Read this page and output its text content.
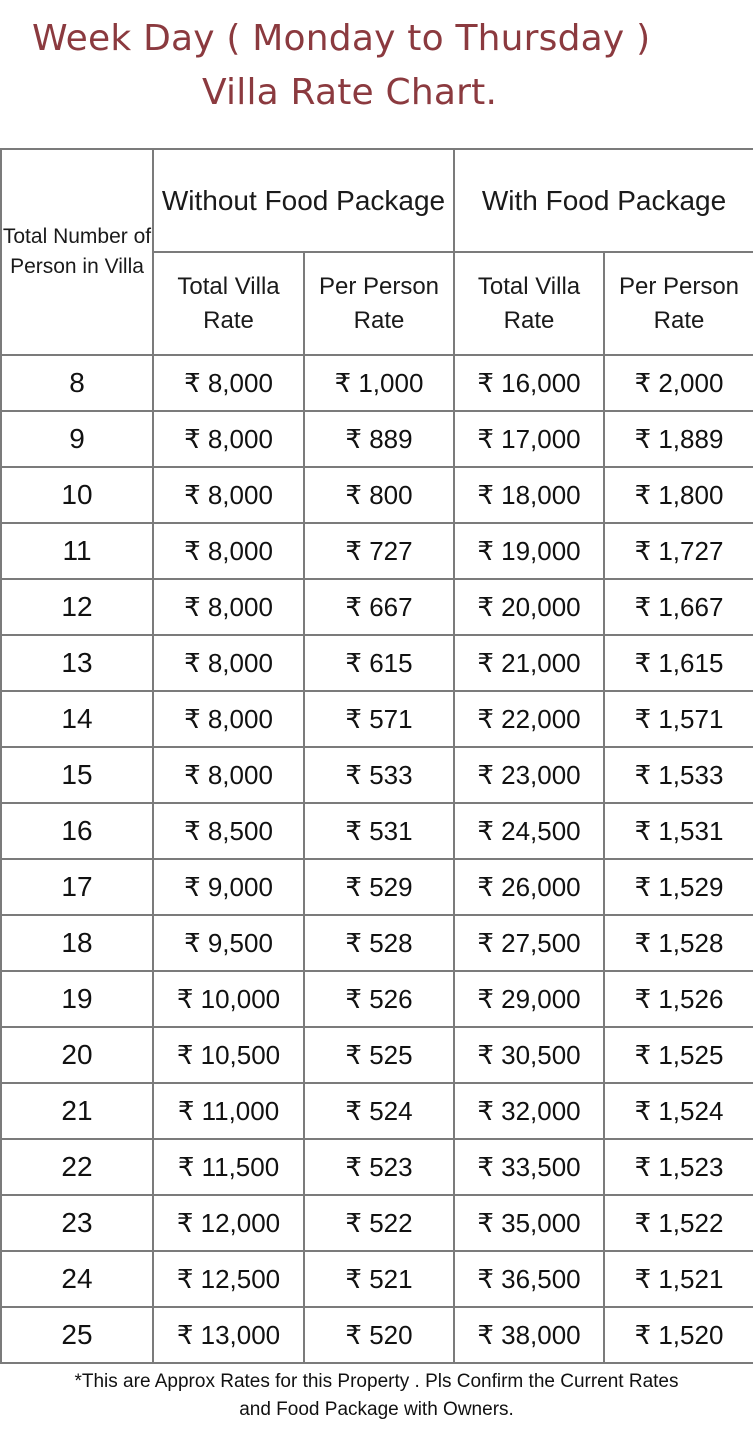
Week Day ( Monday to Thursday )
Villa Rate Chart.
Total Number of Person in Villa	Without Food Package		With Food Package	
	Total Villa Rate	Per Person Rate	Total Villa Rate	Per Person Rate
8	₹ 8,000	₹ 1,000	₹ 16,000	₹ 2,000
9	₹ 8,000	₹ 889	₹ 17,000	₹ 1,889
10	₹ 8,000	₹ 800	₹ 18,000	₹ 1,800
11	₹ 8,000	₹ 727	₹ 19,000	₹ 1,727
12	₹ 8,000	₹ 667	₹ 20,000	₹ 1,667
13	₹ 8,000	₹ 615	₹ 21,000	₹ 1,615
14	₹ 8,000	₹ 571	₹ 22,000	₹ 1,571
15	₹ 8,000	₹ 533	₹ 23,000	₹ 1,533
16	₹ 8,500	₹ 531	₹ 24,500	₹ 1,531
17	₹ 9,000	₹ 529	₹ 26,000	₹ 1,529
18	₹ 9,500	₹ 528	₹ 27,500	₹ 1,528
19	₹ 10,000	₹ 526	₹ 29,000	₹ 1,526
20	₹ 10,500	₹ 525	₹ 30,500	₹ 1,525
21	₹ 11,000	₹ 524	₹ 32,000	₹ 1,524
22	₹ 11,500	₹ 523	₹ 33,500	₹ 1,523
23	₹ 12,000	₹ 522	₹ 35,000	₹ 1,522
24	₹ 12,500	₹ 521	₹ 36,500	₹ 1,521
25	₹ 13,000	₹ 520	₹ 38,000	₹ 1,520
*This are Approx Rates for this Property . Pls Confirm the Current Rates
and Food Package with Owners.
